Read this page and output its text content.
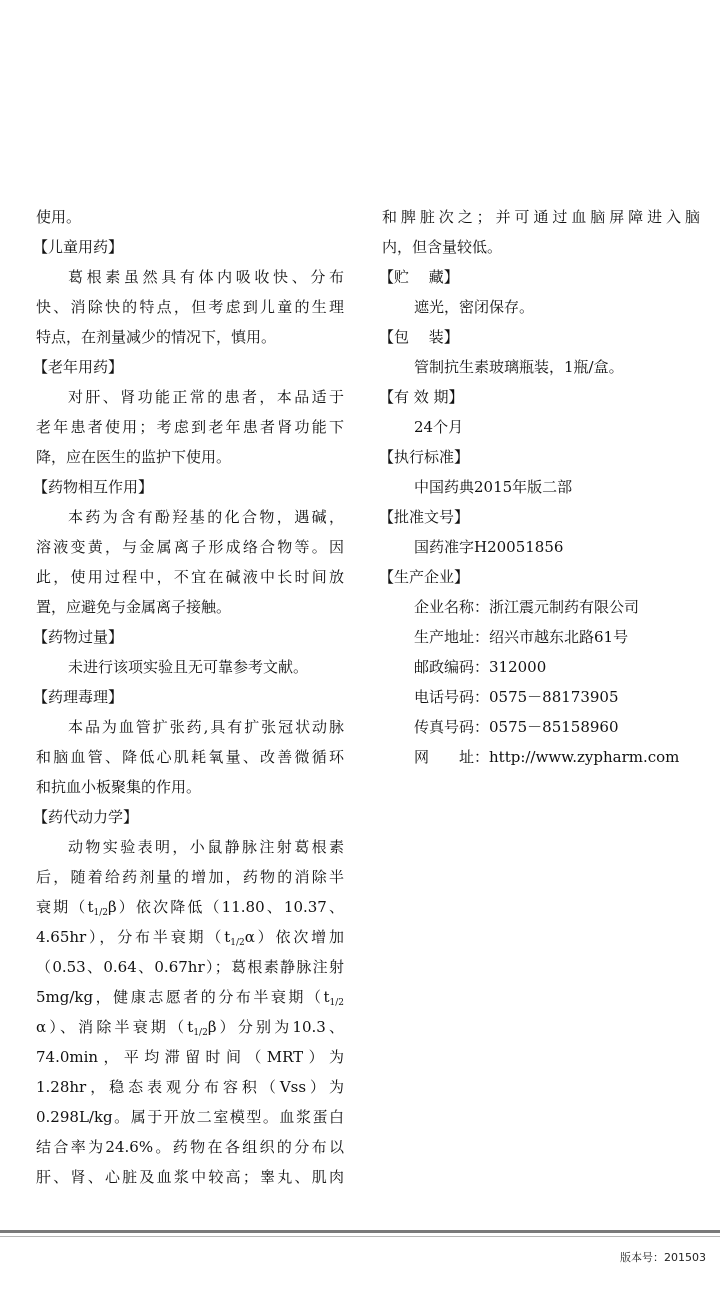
使用。
【儿童用药】
葛根素虽然具有体内吸收快、分布
快、消除快的特点，但考虑到儿童的生理
特点，在剂量减少的情况下，慎用。
【老年用药】
对肝、肾功能正常的患者，本品适于
老年患者使用；考虑到老年患者肾功能下
降，应在医生的监护下使用。
【药物相互作用】
本药为含有酚羟基的化合物，遇碱，
溶液变黄，与金属离子形成络合物等。因
此，使用过程中，不宜在碱液中长时间放
置，应避免与金属离子接触。
【药物过量】
未进行该项实验且无可靠参考文献。
【药理毒理】
本品为血管扩张药,具有扩张冠状动脉
和脑血管、降低心肌耗氧量、改善微循环
和抗血小板聚集的作用。
【药代动力学】
动物实验表明，小鼠静脉注射葛根素
后，随着给药剂量的增加，药物的消除半
衰期$(t_{1/2}\beta)$依次降低（11.80、10.37、
4.65hr），分布半衰期$(t_{1/2}\alpha)$依次增加
（0.53、0.64、0.67hr）；葛根素静脉注射
5mg/kg，健康志愿者的分布半衰期（$t_{1/2}$
α）、消除半衰期$(t_{1/2}\beta)$分别为10.3、
74.0min，平均滞留时间（MRT）为
1.28hr，稳态表观分布容积（Vss）为
0.298L/kg。属于开放二室模型。血浆蛋白
结合率为24.6%。药物在各组织的分布以
肝、肾、心脏及血浆中较高；睾丸、肌肉
和脾脏次之；并可通过血脑屏障进入脑
内，但含量较低。
【贮　 藏】
遮光，密闭保存。
【包　 装】
管制抗生素玻璃瓶装，1瓶/盒。
【有 效 期】
24个月
【执行标准】
中国药典2015年版二部
【批准文号】
国药准字H20051856
【生产企业】
企业名称：浙江震元制药有限公司
生产地址：绍兴市越东北路61号
邮政编码：312000
电话号码：0575－88173905
传真号码：0575－85158960
网　　址：http://www.zypharm.com
版本号：201503
